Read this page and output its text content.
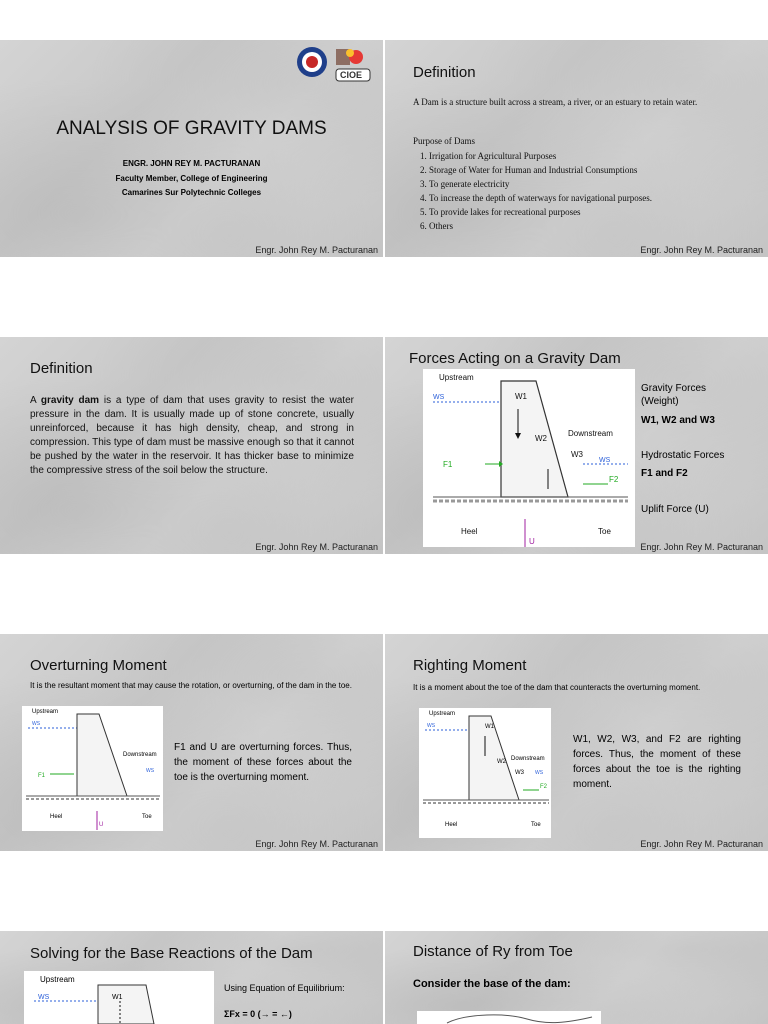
CIOE
ANALYSIS OF GRAVITY DAMS
ENGR. JOHN REY M. PACTURANAN
Faculty Member, College of Engineering
Camarines Sur Polytechnic Colleges
Engr. John Rey M. Pacturanan
Definition
A Dam is a structure built across a stream, a river, or an estuary to retain water.
Purpose of Dams
1. Irrigation for Agricultural Purposes
2. Storage of Water for Human and Industrial Consumptions
3. To generate electricity
4. To increase the depth of waterways for navigational purposes.
5. To provide lakes for recreational purposes
6. Others
Engr. John Rey M. Pacturanan
Definition
A gravity dam is a type of dam that uses gravity to resist the water pressure in the dam. It is usually made up of stone concrete, usually unreinforced, because it has high density, cheap, and strong in compression. This type of dam must be massive enough so that it cannot be pushed by the water in the reservoir. It has thicker base to minimize the compressive stress of the soil below the structure.
Engr. John Rey M. Pacturanan
Forces Acting on a Gravity Dam
Upstream
Downstream
WS
WS
W1
W2
W3
F1
F2
Heel	Toe
U
Gravity Forces
(Weight)
W1, W2 and W3
Hydrostatic Forces
F1 and F2
Uplift Force (U)
Engr. John Rey M. Pacturanan
Overturning Moment
It is the resultant moment that may cause the rotation, or overturning, of the dam in the toe.
Upstream
Downstream
WS
WS
F1
Heel	Toe
U
F1 and U are overturning forces. Thus, the moment of these forces about the toe is the overturning moment.
Engr. John Rey M. Pacturanan
Righting Moment
It is a moment about the toe of the dam that counteracts the overturning moment.
Upstream
Downstream
WS
WS
W1
W2
W3
F2
Heel	Toe
W1, W2, W3, and F2 are righting forces. Thus, the moment of these forces about the toe is the righting moment.
Engr. John Rey M. Pacturanan
Solving for the Base Reactions of the Dam
Upstream
WS	W1
Using Equation of Equilibrium:
ΣFx = 0 (→ = ←)
Distance of Ry from Toe
Consider the base of the dam:
